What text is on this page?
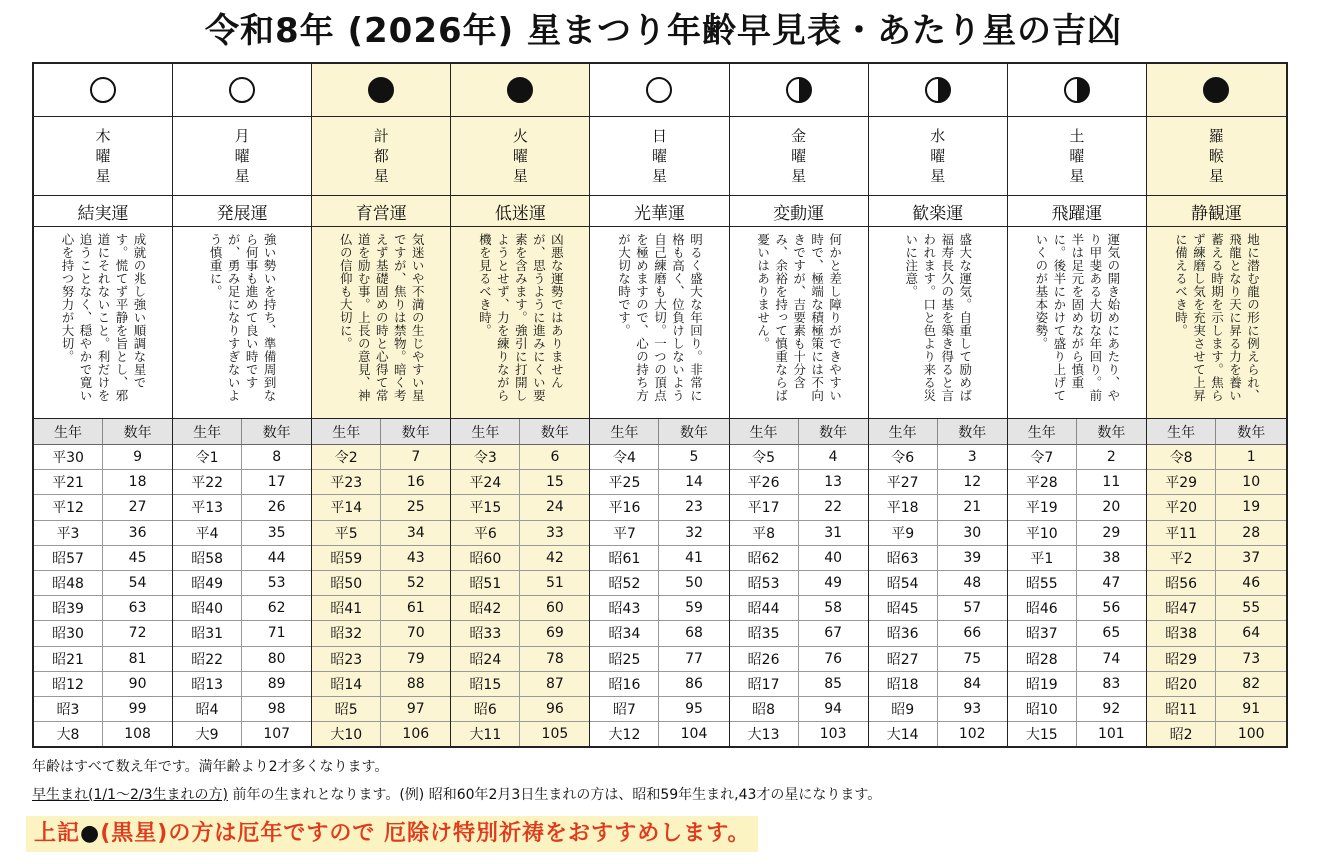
令和8年 (2026年) 星まつり年齢早見表・あたり星の吉凶
木
曜
星
結実運

成就の兆し強い順調な星です。慌てず平静を旨とし、邪道にそれないこと。利だけを追うことなく、穏やかで寛い心を持つ努力が大切。

生年	数年
平30	9
平21	18
平12	27
平3	36
昭57	45
昭48	54
昭39	63
昭30	72
昭21	81
昭12	90
昭3	99
大8	108
月
曜
星
発展運

強い勢いを持ち、準備周到なら何事も進めて良い時ですが、勇み足になりすぎないよう慎重に。

生年	数年
令1	8
平22	17
平13	26
平4	35
昭58	44
昭49	53
昭40	62
昭31	71
昭22	80
昭13	89
昭4	98
大9	107
計
都
星
育営運

気迷いや不満の生じやすい星ですが、焦りは禁物。暗く考えず基礎固めの時と心得て常道を励む事。上長の意見、神仏の信仰も大切に。

生年	数年
令2	7
平23	16
平14	25
平5	34
昭59	43
昭50	52
昭41	61
昭32	70
昭23	79
昭14	88
昭5	97
大10	106
火
曜
星
低迷運

凶悪な運勢ではありませんが、思うように進みにくい要素を含みます。強引に打開しようとせず、力を練りながら機を見るべき時。

生年	数年
令3	6
平24	15
平15	24
平6	33
昭60	42
昭51	51
昭42	60
昭33	69
昭24	78
昭15	87
昭6	96
大11	105
日
曜
星
光華運

明るく盛大な年回り。非常に格も高く、位負けしないよう自己練磨も大切。一つの頂点を極めますので、心の持ち方が大切な時です。

生年	数年
令4	5
平25	14
平16	23
平7	32
昭61	41
昭52	50
昭43	59
昭34	68
昭25	77
昭16	86
昭7	95
大12	104
金
曜
星
変動運

何かと差し障りができやすい時で、極端な積極策には不向きですが、吉要素も十分含み、余裕を持って慎重ならば憂いはありません。

生年	数年
令5	4
平26	13
平17	22
平8	31
昭62	40
昭53	49
昭44	58
昭35	67
昭26	76
昭17	85
昭8	94
大13	103
水
曜
星
歓楽運

盛大な運気。自重して励めば福寿長久の基を築き得ると言われます。口と色より来る災いに注意。

生年	数年
令6	3
平27	12
平18	21
平9	30
昭63	39
昭54	48
昭45	57
昭36	66
昭27	75
昭18	84
昭9	93
大14	102
土
曜
星
飛躍運

運気の開き始めにあたり、やり甲斐ある大切な年回り。前半は足元を固めながら慎重に。後半にかけて盛り上げていくのが基本姿勢。

生年	数年
令7	2
平28	11
平19	20
平10	29
平1	38
昭55	47
昭46	56
昭37	65
昭28	74
昭19	83
昭10	92
大15	101
羅
睺
星
静観運

地に潜む龍の形に例えられ、飛龍となり天に昇る力を養い蓄える時期を示します。焦らず練磨し気を充実させて上昇に備えるべき時。

生年	数年
令8	1
平29	10
平20	19
平11	28
平2	37
昭56	46
昭47	55
昭38	64
昭29	73
昭20	82
昭11	91
昭2	100
年齢はすべて数え年です。満年齢より2才多くなります。
早生まれ(1/1〜2/3生まれの方) 前年の生まれとなります。(例) 昭和60年2月3日生まれの方は、昭和59年生まれ,43才の星になります。
上記●(黒星)の方は厄年ですので 厄除け特別祈祷をおすすめします。
